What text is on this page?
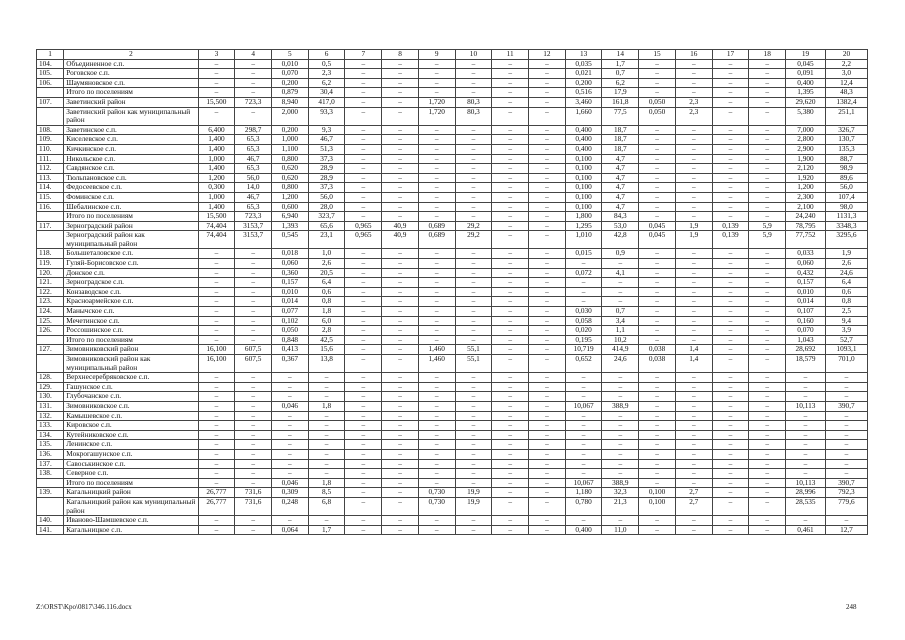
1	2	3	4	5	6	7	8	9	10	11	12	13	14	15	16	17	18	19	20
104.	Объединенное с.п.	–	–	0,010	0,5	–	–	–	–	–	–	0,035	1,7	–	–	–	–	0,045	2,2
105.	Роговское с.п.	–	–	0,070	2,3	–	–	–	–	–	–	0,021	0,7	–	–	–	–	0,091	3,0
106.	Шаумяновское с.п.	–	–	0,200	6,2	–	–	–	–	–	–	0,200	6,2	–	–	–	–	0,400	12,4
	Итого по поселениям	–	–	0,879	30,4	–	–	–	–	–	–	0,516	17,9	–	–	–	–	1,395	48,3
107.	Заветинский район	15,500	723,3	8,940	417,0	–	–	1,720	80,3	–	–	3,460	161,8	0,050	2,3	–	–	29,620	1382,4
	Заветинский район как муниципальный район	–	–	2,000	93,3	–	–	1,720	80,3	–	–	1,660	77,5	0,050	2,3	–	–	5,380	251,1
108.	Заветинское с.п.	6,400	298,7	0,200	9,3	–	–	–	–	–	–	0,400	18,7	–	–	–	–	7,000	326,7
109.	Киселевское с.п.	1,400	65,3	1,000	46,7	–	–	–	–	–	–	0,400	18,7	–	–	–	–	2,800	130,7
110.	Кичкинское с.п.	1,400	65,3	1,100	51,3	–	–	–	–	–	–	0,400	18,7	–	–	–	–	2,900	135,3
111.	Никольское с.п.	1,000	46,7	0,800	37,3	–	–	–	–	–	–	0,100	4,7	–	–	–	–	1,900	88,7
112.	Савдянское с.п.	1,400	65,3	0,620	28,9	–	–	–	–	–	–	0,100	4,7	–	–	–	–	2,120	98,9
113.	Тюльпановское с.п.	1,200	56,0	0,620	28,9	–	–	–	–	–	–	0,100	4,7	–	–	–	–	1,920	89,6
114.	Федосеевское с.п.	0,300	14,0	0,800	37,3	–	–	–	–	–	–	0,100	4,7	–	–	–	–	1,200	56,0
115.	Фоминское с.п.	1,000	46,7	1,200	56,0	–	–	–	–	–	–	0,100	4,7	–	–	–	–	2,300	107,4
116.	Шебалинское с.п.	1,400	65,3	0,600	28,0	–	–	–	–	–	–	0,100	4,7	–	–	–	–	2,100	98,0
	Итого по поселениям	15,500	723,3	6,940	323,7	–	–	–	–	–	–	1,800	84,3	–	–	–	–	24,240	1131,3
117.	Зерноградский район	74,404	3153,7	1,393	65,6	0,965	40,9	0,689	29,2	–	–	1,295	53,0	0,045	1,9	0,139	5,9	78,795	3348,3
	Зерноградский район как муниципальный район	74,404	3153,7	0,545	23,1	0,965	40,9	0,689	29,2	–	–	1,010	42,8	0,045	1,9	0,139	5,9	77,752	3295,6
118.	Большеталовское с.п.	–	–	0,018	1,0	–	–	–	–	–	–	0,015	0,9	–	–	–	–	0,033	1,9
119.	Гуляй-Борисовское с.п.	–	–	0,060	2,6	–	–	–	–	–	–	–	–	–	–	–	–	0,060	2,6
120.	Донское с.п.	–	–	0,360	20,5	–	–	–	–	–	–	0,072	4,1	–	–	–	–	0,432	24,6
121.	Зерноградское с.п.	–	–	0,157	6,4	–	–	–	–	–	–	–	–	–	–	–	–	0,157	6,4
122.	Конзаводское с.п.	–	–	0,010	0,6	–	–	–	–	–	–	–	–	–	–	–	–	0,010	0,6
123.	Красноармейское с.п.	–	–	0,014	0,8	–	–	–	–	–	–	–	–	–	–	–	–	0,014	0,8
124.	Манычское с.п.	–	–	0,077	1,8	–	–	–	–	–	–	0,030	0,7	–	–	–	–	0,107	2,5
125.	Мечетинское с.п.	–	–	0,102	6,0	–	–	–	–	–	–	0,058	3,4	–	–	–	–	0,160	9,4
126.	Россошинское с.п.	–	–	0,050	2,8	–	–	–	–	–	–	0,020	1,1	–	–	–	–	0,070	3,9
	Итого по поселениям	–	–	0,848	42,5	–	–	–	–	–	–	0,195	10,2	–	–	–	–	1,043	52,7
127.	Зимовниковский район	16,100	607,5	0,413	15,6	–	–	1,460	55,1	–	–	10,719	414,9	0,038	1,4	–	–	28,692	1093,1
	Зимовниковский район как муниципальный район	16,100	607,5	0,367	13,8	–	–	1,460	55,1	–	–	0,652	24,6	0,038	1,4	–	–	18,579	701,0
128.	Верхнесеребряковское с.п.	–	–	–	–	–	–	–	–	–	–	–	–	–	–	–	–	–	–
129.	Гашунское с.п.	–	–	–	–	–	–	–	–	–	–	–	–	–	–	–	–	–	–
130.	Глубочанское с.п.	–	–	–	–	–	–	–	–	–	–	–	–	–	–	–	–	–	–
131.	Зимовниковское с.п.	–	–	0,046	1,8	–	–	–	–	–	–	10,067	388,9	–	–	–	–	10,113	390,7
132.	Камышевское с.п.	–	–	–	–	–	–	–	–	–	–	–	–	–	–	–	–	–	–
133.	Кировское с.п.	–	–	–	–	–	–	–	–	–	–	–	–	–	–	–	–	–	–
134.	Кутейниковское с.п.	–	–	–	–	–	–	–	–	–	–	–	–	–	–	–	–	–	–
135.	Ленинское с.п.	–	–	–	–	–	–	–	–	–	–	–	–	–	–	–	–	–	–
136.	Мокрогашунское с.п.	–	–	–	–	–	–	–	–	–	–	–	–	–	–	–	–	–	–
137.	Савоськинское с.п.	–	–	–	–	–	–	–	–	–	–	–	–	–	–	–	–	–	–
138.	Северное с.п.	–	–	–	–	–	–	–	–	–	–	–	–	–	–	–	–	–	–
	Итого по поселениям	–	–	0,046	1,8	–	–	–	–	–	–	10,067	388,9	–	–	–	–	10,113	390,7
139.	Кагальницкий район	26,777	731,6	0,309	8,5	–	–	0,730	19,9	–	–	1,180	32,3	0,100	2,7	–	–	28,996	792,3
	Кагальницкий район как муниципальный район	26,777	731,6	0,248	6,8	–	–	0,730	19,9	–	–	0,780	21,3	0,100	2,7	–	–	28,535	779,6
140.	Иваново-Шамшевское с.п.	–	–	–	–	–	–	–	–	–	–	–	–	–	–	–	–	–	–
141.	Кагальницкое с.п.	–	–	0,064	1,7	–	–	–	–	–	–	0,400	11,0	–	–	–	–	0,461	12,7
Z:\ORST\Kpo\0817\346.116.docx	248
